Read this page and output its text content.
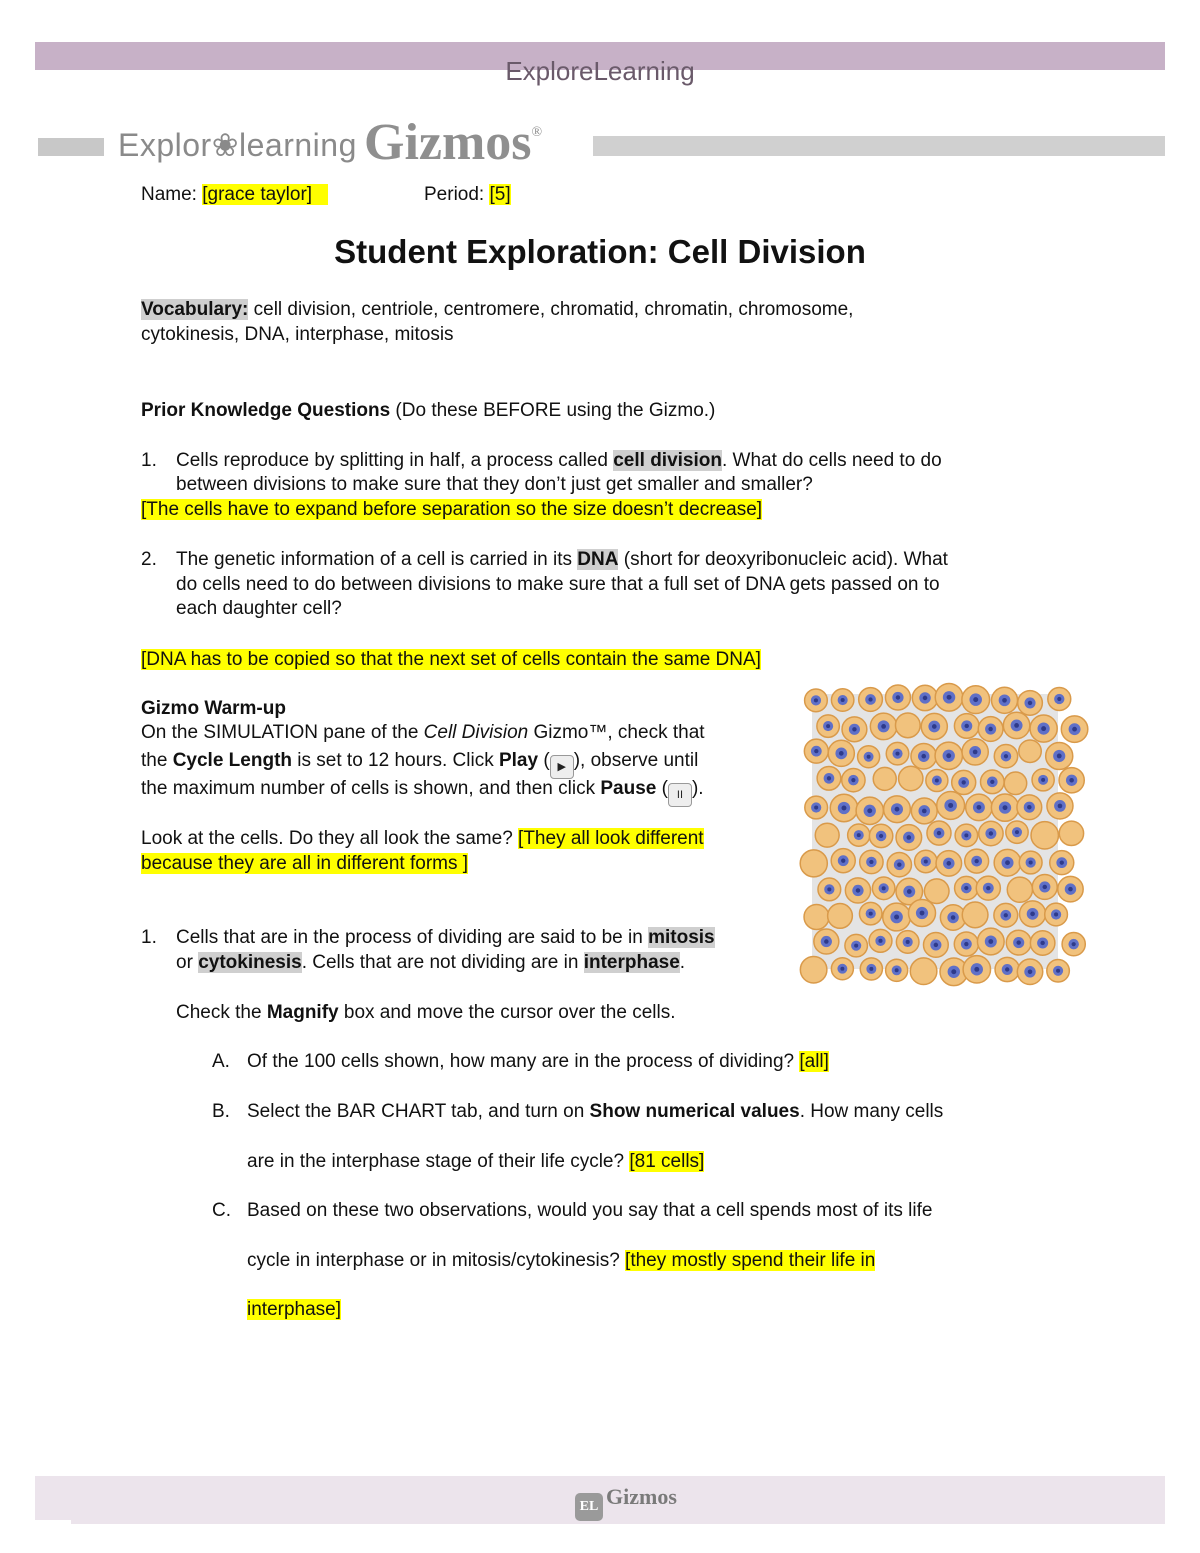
ExploreLearning
Explor❀learning Gizmos®
Name: [grace taylor]	Period: [5]
Student Exploration: Cell Division
Vocabulary: cell division, centriole, centromere, chromatid, chromatin, chromosome,
cytokinesis, DNA, interphase, mitosis
Prior Knowledge Questions (Do these BEFORE using the Gizmo.)
1. Cells reproduce by splitting in half, a process called cell division. What do cells need to do
between divisions to make sure that they don’t just get smaller and smaller?
[The cells have to expand before separation so the size doesn’t decrease]
2. The genetic information of a cell is carried in its DNA (short for deoxyribonucleic acid). What
do cells need to do between divisions to make sure that a full set of DNA gets passed on to
each daughter cell?
[DNA has to be copied so that the next set of cells contain the same DNA]
Gizmo Warm-up
On the SIMULATION pane of the Cell Division Gizmo™, check that
the Cycle Length is set to 12 hours. Click Play ( ▶ ), observe until
the maximum number of cells is shown, and then click Pause ( II ).
Look at the cells. Do they all look the same? [They all look different
because they are all in different forms ]
1. Cells that are in the process of dividing are said to be in mitosis
or cytokinesis. Cells that are not dividing are in interphase.
Check the Magnify box and move the cursor over the cells.
A. Of the 100 cells shown, how many are in the process of dividing? [all]
B. Select the BAR CHART tab, and turn on Show numerical values. How many cells
are in the interphase stage of their life cycle? [81 cells]
C. Based on these two observations, would you say that a cell spends most of its life
cycle in interphase or in mitosis/cytokinesis? [they mostly spend their life in
interphase]
EL Gizmos
